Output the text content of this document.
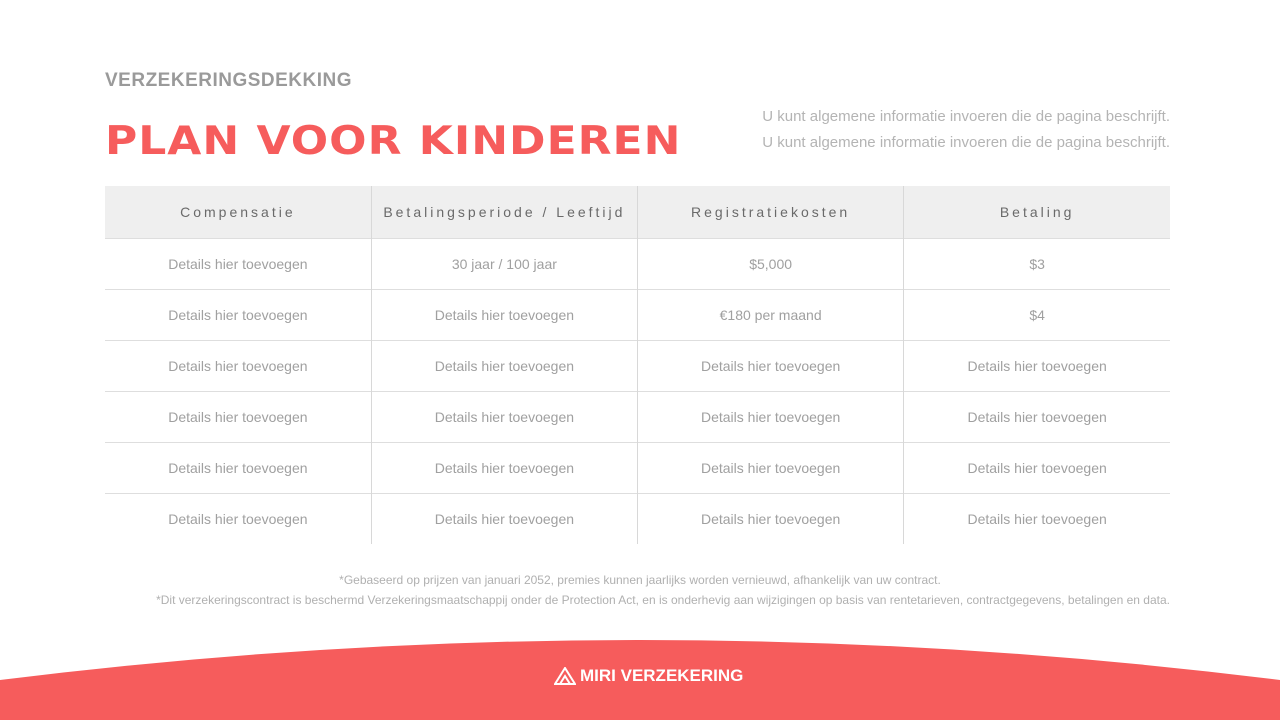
VERZEKERINGSDEKKING
PLAN VOOR KINDEREN
U kunt algemene informatie invoeren die de pagina beschrijft.
U kunt algemene informatie invoeren die de pagina beschrijft.
Compensatie	Betalingsperiode / Leeftijd	Registratiekosten	Betaling
Details hier toevoegen	30 jaar / 100 jaar	$5,000	$3
Details hier toevoegen	Details hier toevoegen	€180 per maand	$4
Details hier toevoegen	Details hier toevoegen	Details hier toevoegen	Details hier toevoegen
Details hier toevoegen	Details hier toevoegen	Details hier toevoegen	Details hier toevoegen
Details hier toevoegen	Details hier toevoegen	Details hier toevoegen	Details hier toevoegen
Details hier toevoegen	Details hier toevoegen	Details hier toevoegen	Details hier toevoegen

*Gebaseerd op prijzen van januari 2052, premies kunnen jaarlijks worden vernieuwd, afhankelijk van uw contract.

*Dit verzekeringscontract is beschermd Verzekeringsmaatschappij onder de Protection Act, en is onderhevig aan wijzigingen op basis van rentetarieven, contractgegevens, betalingen en data.

MIRI VERZEKERING
